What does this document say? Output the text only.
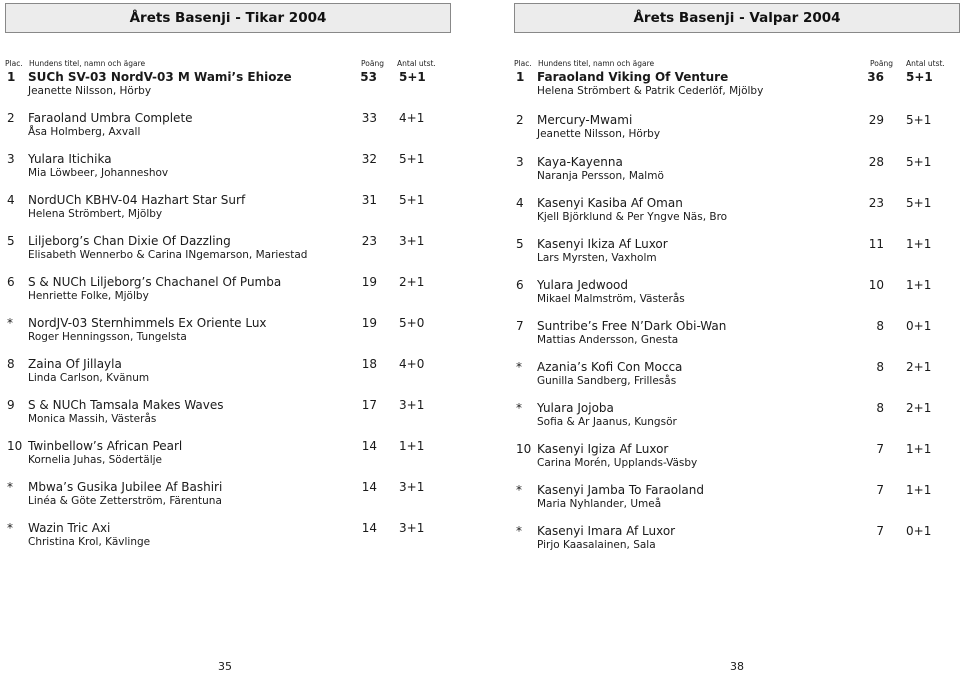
Årets Basenji - Tikar 2004
Plac. Hundens titel, namn och ägare	Poäng Antal utst.
1 SUCh SV-03 NordV-03 M Wami’s Ehioze
Jeanette Nilsson, Hörby
53 5+1
2 Faraoland Umbra Complete
Åsa Holmberg, Axvall
33 4+1
3 Yulara Itichika
Mia Löwbeer, Johanneshov
32 5+1
4 NordUCh KBHV-04 Hazhart Star Surf
Helena Strömbert, Mjölby
31 5+1
5 Liljeborg’s Chan Dixie Of Dazzling
Elisabeth Wennerbo & Carina INgemarson, Mariestad
23 3+1
6 S & NUCh Liljeborg’s Chachanel Of Pumba
Henriette Folke, Mjölby
19 2+1
* NordJV-03 Sternhimmels Ex Oriente Lux
Roger Henningsson, Tungelsta
19 5+0
8 Zaina Of Jillayla
Linda Carlson, Kvänum
18 4+0
9 S & NUCh Tamsala Makes Waves
Monica Massih, Västerås
17 3+1
10 Twinbellow’s African Pearl
Kornelia Juhas, Södertälje
14 1+1
* Mbwa’s Gusika Jubilee Af Bashiri
Linéa & Göte Zetterström, Färentuna
14 3+1
* Wazin Tric Axi
Christina Krol, Kävlinge
14 3+1
35
Årets Basenji - Valpar 2004
Plac. Hundens titel, namn och ägare	Poäng Antal utst.
1 Faraoland Viking Of Venture
Helena Strömbert & Patrik Cederlöf, Mjölby
36 5+1
2 Mercury-Mwami
Jeanette Nilsson, Hörby
29 5+1
3 Kaya-Kayenna
Naranja Persson, Malmö
28 5+1
4 Kasenyi Kasiba Af Oman
Kjell Björklund & Per Yngve Näs, Bro
23 5+1
5 Kasenyi Ikiza Af Luxor
Lars Myrsten, Vaxholm
11 1+1
6 Yulara Jedwood
Mikael Malmström, Västerås
10 1+1
7 Suntribe’s Free N’Dark Obi-Wan
Mattias Andersson, Gnesta
8 0+1
* Azania’s Kofi Con Mocca
Gunilla Sandberg, Frillesås
8 2+1
* Yulara Jojoba
Sofia & Ar Jaanus, Kungsör
8 2+1
10 Kasenyi Igiza Af Luxor
Carina Morén, Upplands-Väsby
7 1+1
* Kasenyi Jamba To Faraoland
Maria Nyhlander, Umeå
7 1+1
* Kasenyi Imara Af Luxor
Pirjo Kaasalainen, Sala
7 0+1
38
